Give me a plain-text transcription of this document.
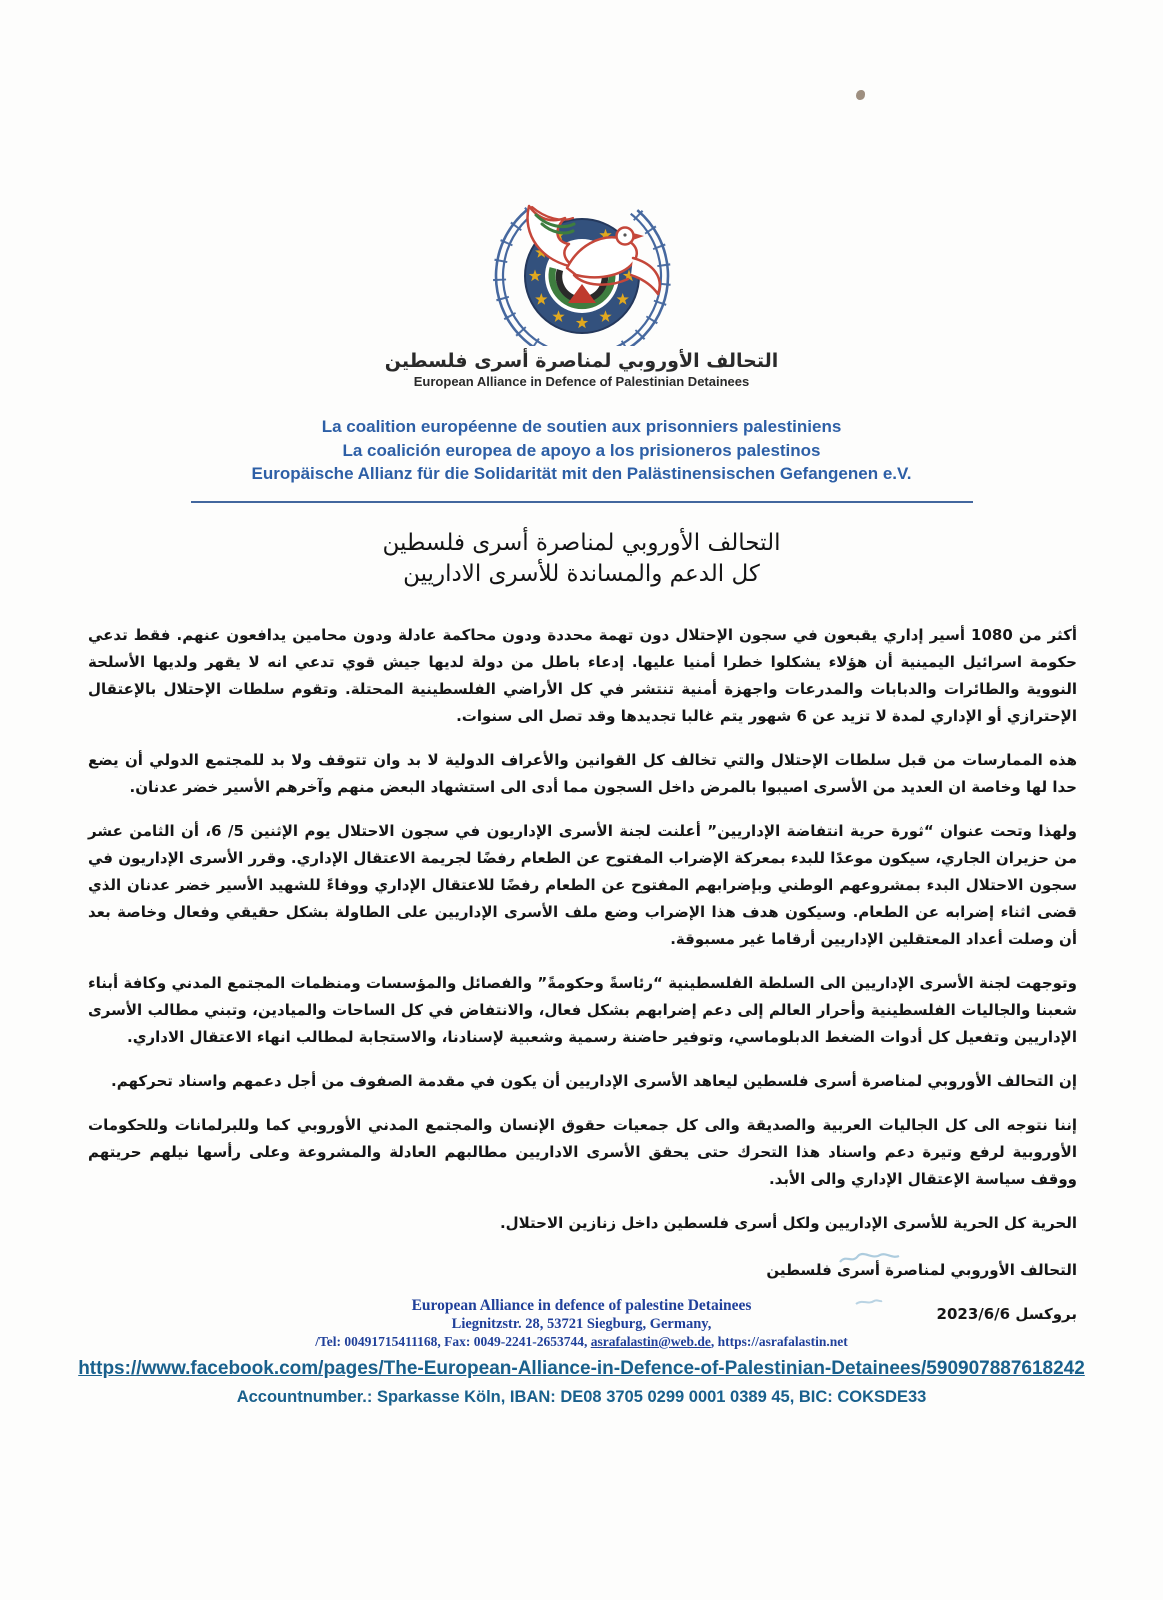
التحالف الأوروبي لمناصرة أسرى فلسطين
European Alliance in Defence of Palestinian Detainees
La coalition européenne de soutien aux prisonniers palestiniens
La coalición europea de apoyo a los prisioneros palestinos
Europäische Allianz für die Solidarität mit den Palästinensischen Gefangenen e.V.
التحالف الأوروبي لمناصرة أسرى فلسطين
كل الدعم والمساندة للأسرى الاداريين

أكثر من 1080 أسير إداري يقبعون في سجون الإحتلال دون تهمة محددة ودون محاكمة عادلة ودون محامين يدافعون عنهم. فقط تدعي حكومة اسرائيل اليمينية أن هؤلاء يشكلوا خطرا أمنيا عليها. إدعاء باطل من دولة لديها جيش قوي تدعي انه لا يقهر ولديها الأسلحة النووية والطائرات والدبابات والمدرعات واجهزة أمنية تنتشر في كل الأراضي الفلسطينية المحتلة. وتقوم سلطات الإحتلال بالإعتقال الإحترازي أو الإداري لمدة لا تزيد عن 6 شهور يتم غالبا تجديدها وقد تصل الى سنوات.

هذه الممارسات من قبل سلطات الإحتلال والتي تخالف كل القوانين والأعراف الدولية لا بد وان تتوقف ولا بد للمجتمع الدولي أن يضع حدا لها وخاصة ان العديد من الأسرى اصيبوا بالمرض داخل السجون مما أدى الى استشهاد البعض منهم وآخرهم الأسير خضر عدنان.

ولهذا وتحت عنوان “ثورة حرية انتفاضة الإداريين” أعلنت لجنة الأسرى الإداريون في سجون الاحتلال يوم الإثنين 5/ 6، أن الثامن عشر من حزيران الجاري، سيكون موعدًا للبدء بمعركة الإضراب المفتوح عن الطعام رفضًا لجريمة الاعتقال الإداري. وقرر الأسرى الإداريون في سجون الاحتلال البدء بمشروعهم الوطني وبإضرابهم المفتوح عن الطعام رفضًا للاعتقال الإداري ووفاءً للشهيد الأسير خضر عدنان الذي قضى اثناء إضرابه عن الطعام. وسيكون هدف هذا الإضراب وضع ملف الأسرى الإداريين على الطاولة بشكل حقيقي وفعال وخاصة بعد أن وصلت أعداد المعتقلين الإداريين أرقاما غير مسبوقة.

وتوجهت لجنة الأسرى الإداريين الى السلطة الفلسطينية “رئاسةً وحكومةً” والفصائل والمؤسسات ومنظمات المجتمع المدني وكافة أبناء شعبنا والجاليات الفلسطينية وأحرار العالم إلى دعم إضرابهم بشكل فعال، والانتفاض في كل الساحات والميادين، وتبني مطالب الأسرى الإداريين وتفعيل كل أدوات الضغط الدبلوماسي، وتوفير حاضنة رسمية وشعبية لإسنادنا، والاستجابة لمطالب انهاء الاعتقال الاداري.

إن التحالف الأوروبي لمناصرة أسرى فلسطين ليعاهد الأسرى الإداريين أن يكون في مقدمة الصفوف من أجل دعمهم واسناد تحركهم.

إننا نتوجه الى كل الجاليات العربية والصديقة والى كل جمعيات حقوق الإنسان والمجتمع المدني الأوروبي كما وللبرلمانات وللحكومات الأوروبية لرفع وتيرة دعم واسناد هذا التحرك حتى يحقق الأسرى الاداريين مطالبهم العادلة والمشروعة وعلى رأسها نيلهم حريتهم ووقف سياسة الإعتقال الإداري والى الأبد.

الحرية كل الحرية للأسرى الإداريين ولكل أسرى فلسطين داخل زنازين الاحتلال.

التحالف الأوروبي لمناصرة أسرى فلسطين
بروكسل 2023/6/6
European Alliance in defence of palestine Detainees
Liegnitzstr. 28, 53721 Siegburg, Germany,
/Tel: 00491715411168, Fax: 0049-2241-2653744, asrafalastin@web.de, https://asrafalastin.net
https://www.facebook.com/pages/The-European-Alliance-in-Defence-of-Palestinian-Detainees/590907887618242
Accountnumber.: Sparkasse Köln, IBAN: DE08 3705 0299 0001 0389 45, BIC: COKSDE33
